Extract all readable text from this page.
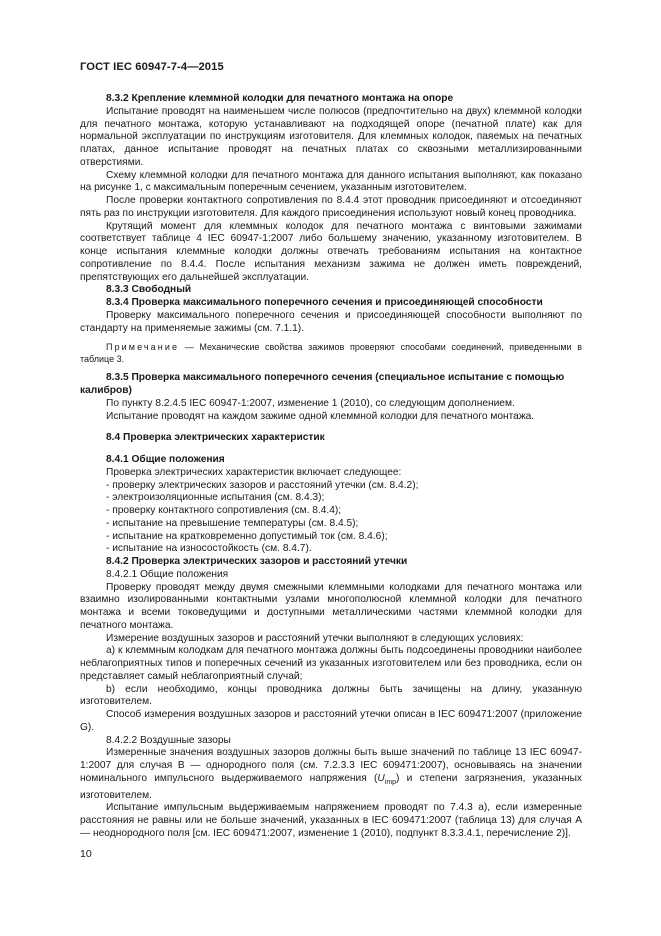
ГОСТ IEC 60947-7-4—2015

8.3.2 Крепление клеммной колодки для печатного монтажа на опоре

Испытание проводят на наименьшем числе полюсов (предпочтительно на двух) клеммной колодки для печатного монтажа, которую устанавливают на подходящей опоре (печатной плате) как для нормальной эксплуатации по инструкциям изготовителя. Для клеммных колодок, паяемых на печатных платах, данное испытание проводят на печатных платах со сквозными металлизированными отверстиями.

Схему клеммной колодки для печатного монтажа для данного испытания выполняют, как показано на рисунке 1, с максимальным поперечным сечением, указанным изготовителем.

После проверки контактного сопротивления по 8.4.4 этот проводник присоединяют и отсоединяют пять раз по инструкции изготовителя. Для каждого присоединения используют новый конец проводника.

Крутящий момент для клеммных колодок для печатного монтажа с винтовыми зажимами соответствует таблице 4 IEC 60947-1:2007 либо большему значению, указанному изготовителем. В конце испытания клеммные колодки должны отвечать требованиям испытания на контактное сопротивление по 8.4.4. После испытания механизм зажима не должен иметь повреждений, препятствующих его дальнейшей эксплуатации.

8.3.3 Свободный

8.3.4 Проверка максимального поперечного сечения и присоединяющей способности

Проверку максимального поперечного сечения и присоединяющей способности выполняют по стандарту на применяемые зажимы (см. 7.1.1).

Примечание — Механические свойства зажимов проверяют способами соединений, приведенными в таблице 3.

8.3.5 Проверка максимального поперечного сечения (специальное испытание с помощью калибров)

По пункту 8.2.4.5 IEC 60947-1:2007, изменение 1 (2010), со следующим дополнением.

Испытание проводят на каждом зажиме одной клеммной колодки для печатного монтажа.

8.4 Проверка электрических характеристик

8.4.1 Общие положения

Проверка электрических характеристик включает следующее:

- проверку электрических зазоров и расстояний утечки (см. 8.4.2);

- электроизоляционные испытания (см. 8.4.3);

- проверку контактного сопротивления (см. 8.4.4);

- испытание на превышение температуры (см. 8.4.5);

- испытание на кратковременно допустимый ток (см. 8.4.6);

- испытание на износостойкость (см. 8.4.7).

8.4.2 Проверка электрических зазоров и расстояний утечки

8.4.2.1 Общие положения

Проверку проводят между двумя смежными клеммными колодками для печатного монтажа или взаимно изолированными контактными узлами многополюсной клеммной колодки для печатного монтажа и всеми токоведущими и доступными металлическими частями клеммной колодки для печатного монтажа.

Измерение воздушных зазоров и расстояний утечки выполняют в следующих условиях:

а) к клеммным колодкам для печатного монтажа должны быть подсоединены проводники наиболее неблагоприятных типов и поперечных сечений из указанных изготовителем или без проводника, если он представляет самый неблагоприятный случай;

b) если необходимо, концы проводника должны быть зачищены на длину, указанную изготовителем.

Способ измерения воздушных зазоров и расстояний утечки описан в IEC 609471:2007 (приложение G).

8.4.2.2 Воздушные зазоры

Измеренные значения воздушных зазоров должны быть выше значений по таблице 13 IEC 60947-1:2007 для случая В — однородного поля (см. 7.2.3.3 IEC 609471:2007), основываясь на значении номинального импульсного выдерживаемого напряжения $(U_{imp})$ и степени загрязнения, указанных изготовителем.

Испытание импульсным выдерживаемым напряжением проводят по 7.4.3 а), если измеренные расстояния не равны или не больше значений, указанных в IEC 609471:2007 (таблица 13) для случая А — неоднородного поля [см. IEC 609471:2007, изменение 1 (2010), подпункт 8.3.3.4.1, перечисление 2)].

10
